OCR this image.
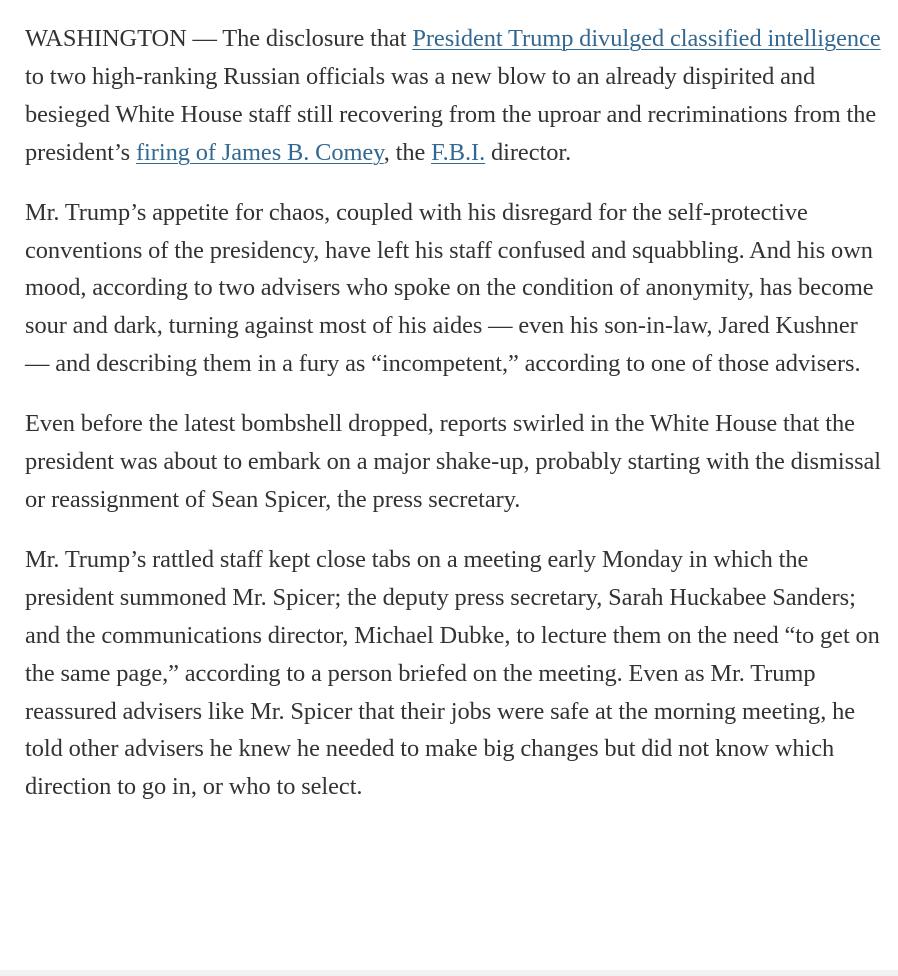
WASHINGTON — The disclosure that President Trump divulged classified intelligence to two high-ranking Russian officials was a new blow to an already dispirited and besieged White House staff still recovering from the uproar and recriminations from the president’s firing of James B. Comey, the F.B.I. director.

Mr. Trump’s appetite for chaos, coupled with his disregard for the self-protective conventions of the presidency, have left his staff confused and squabbling. And his own mood, according to two advisers who spoke on the condition of anonymity, has become sour and dark, turning against most of his aides — even his son-in-law, Jared Kushner — and describing them in a fury as “incompetent,” according to one of those advisers.

Even before the latest bombshell dropped, reports swirled in the White House that the president was about to embark on a major shake-up, probably starting with the dismissal or reassignment of Sean Spicer, the press secretary.

Mr. Trump’s rattled staff kept close tabs on a meeting early Monday in which the president summoned Mr. Spicer; the deputy press secretary, Sarah Huckabee Sanders; and the communications director, Michael Dubke, to lecture them on the need “to get on the same page,” according to a person briefed on the meeting. Even as Mr. Trump reassured advisers like Mr. Spicer that their jobs were safe at the morning meeting, he told other advisers he knew he needed to make big changes but did not know which direction to go in, or who to select.
